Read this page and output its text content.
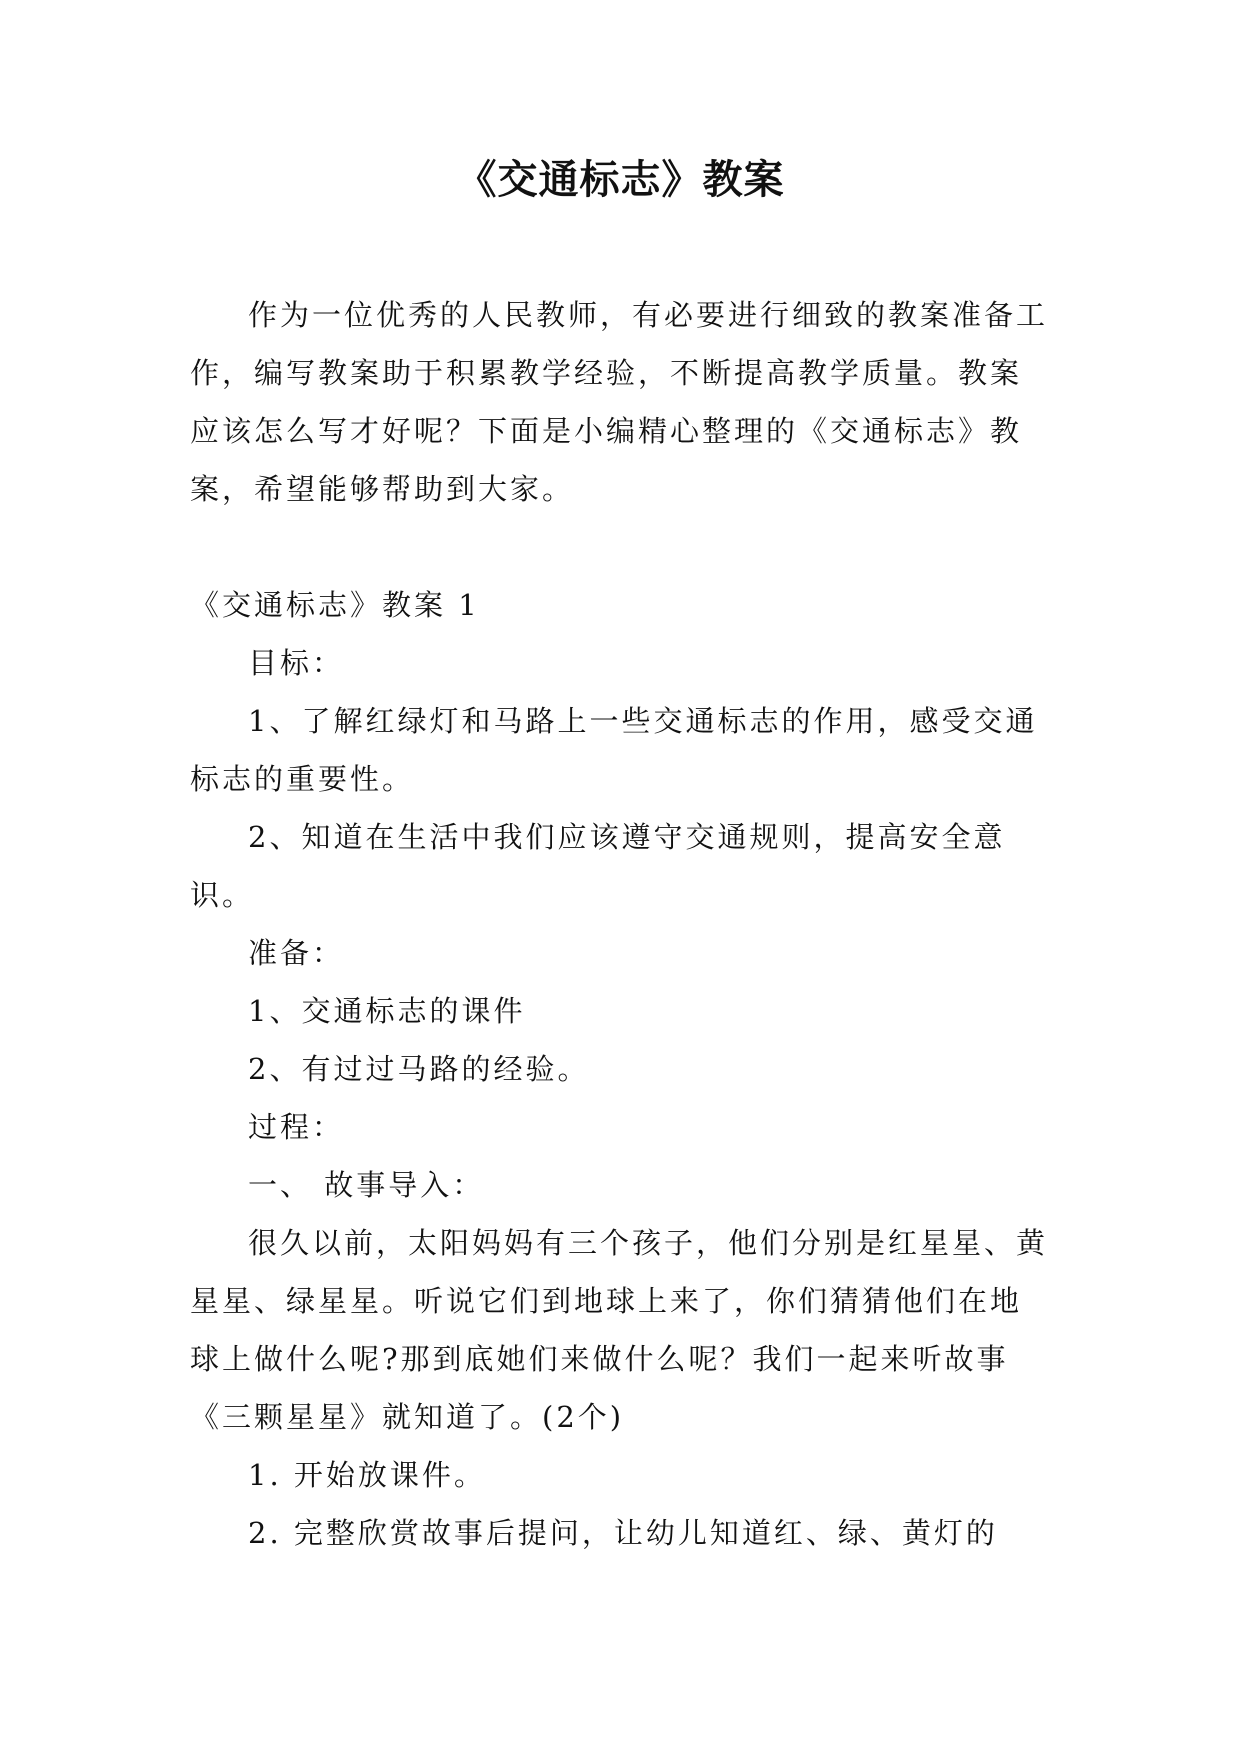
《交通标志》教案

作为一位优秀的人民教师，有必要进行细致的教案准备工作，编写教案助于积累教学经验，不断提高教学质量。教案应该怎么写才好呢？下面是小编精心整理的《交通标志》教案，希望能够帮助到大家。

《交通标志》教案 1

目标：

1、了解红绿灯和马路上一些交通标志的作用，感受交通标志的重要性。

2、知道在生活中我们应该遵守交通规则，提高安全意识。

准备：

1、交通标志的课件

2、有过过马路的经验。

过程：

一、 故事导入：

很久以前，太阳妈妈有三个孩子，他们分别是红星星、黄星星、绿星星。听说它们到地球上来了，你们猜猜他们在地球上做什么呢?那到底她们来做什么呢？我们一起来听故事《三颗星星》就知道了。(2个)

1. 开始放课件。

2. 完整欣赏故事后提问，让幼儿知道红、绿、黄灯的
